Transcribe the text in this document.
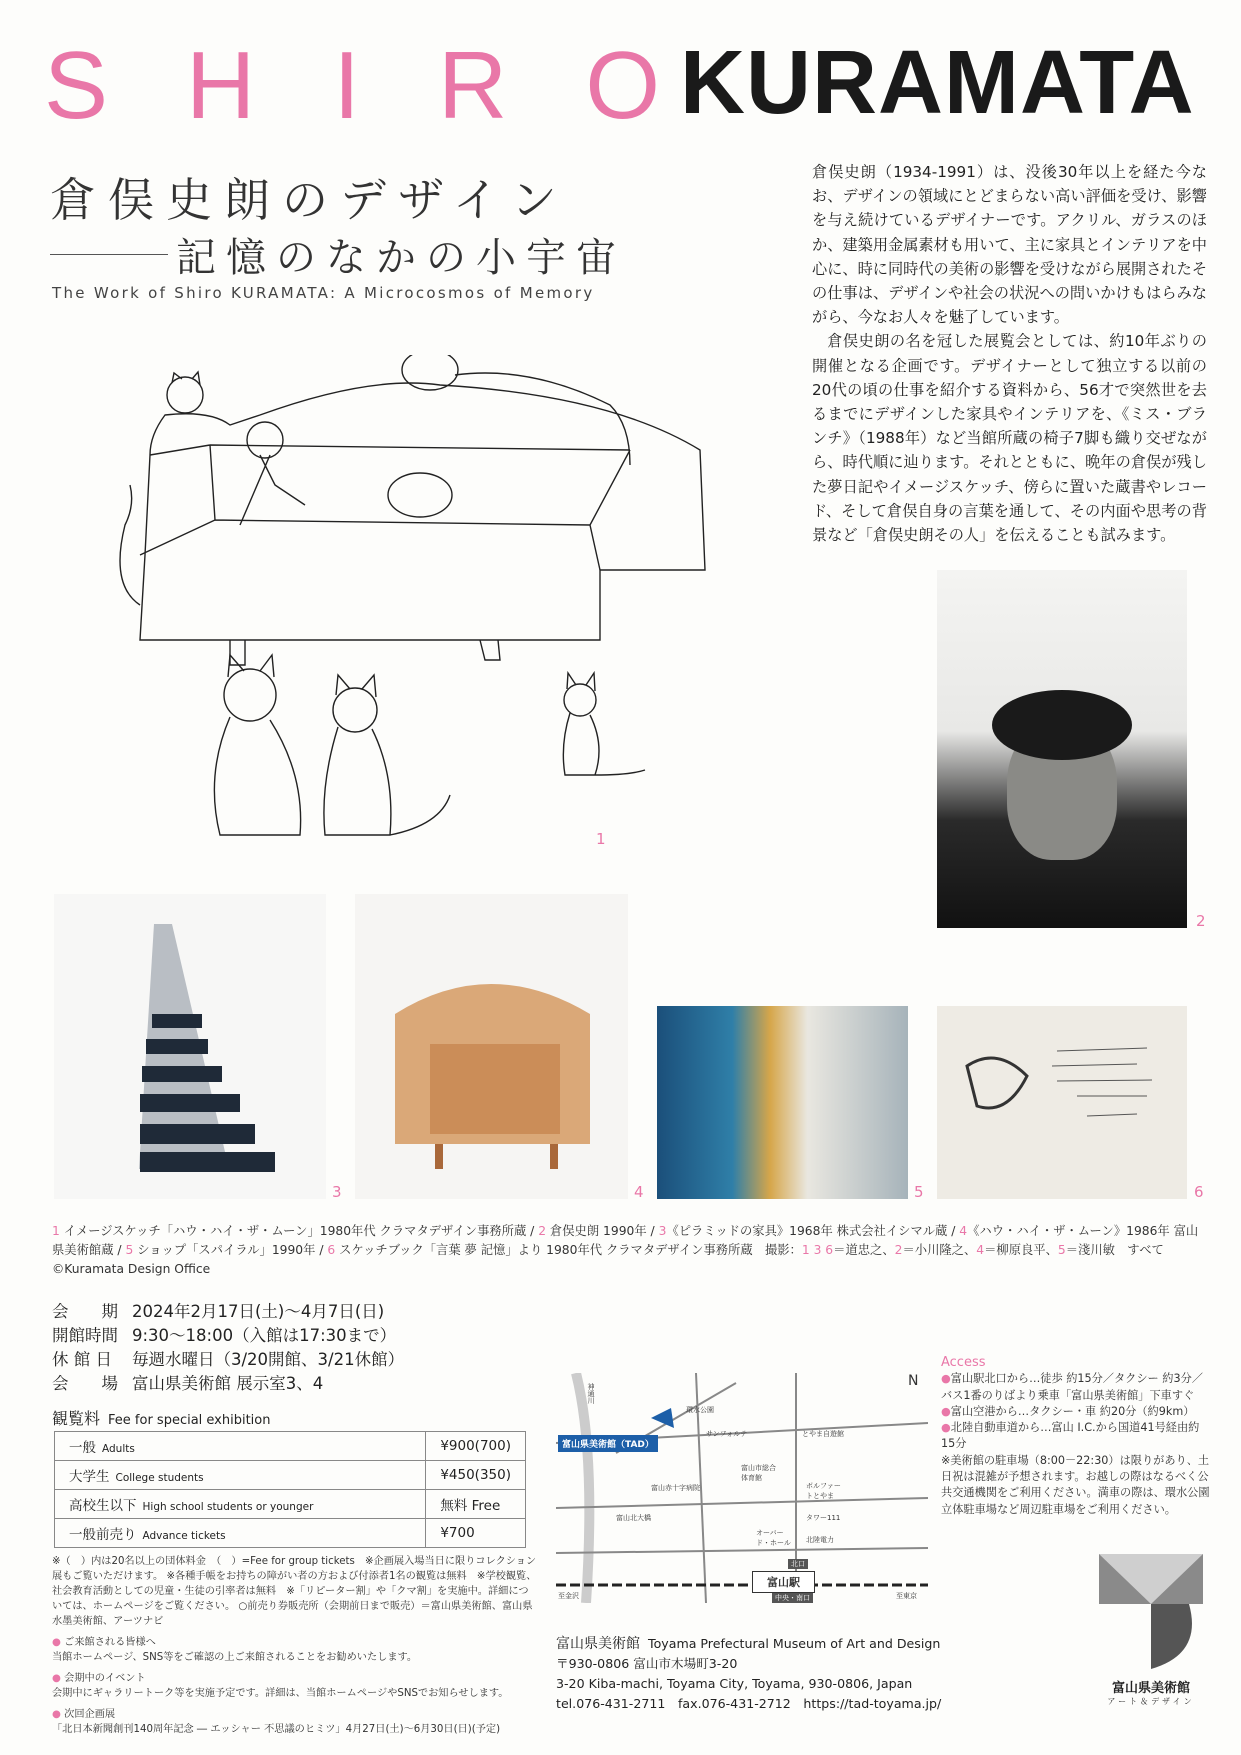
SHIRO
KURAMATA
倉俣史朗のデザイン
記憶のなかの小宇宙
The Work of Shiro KURAMATA: A Microcosmos of Memory

倉俣史朗（1934-1991）は、没後30年以上を経た今なお、デザインの領域にとどまらない高い評価を受け、影響を与え続けているデザイナーです。アクリル、ガラスのほか、建築用金属素材も用いて、主に家具とインテリアを中心に、時に同時代の美術の影響を受けながら展開されたその仕事は、デザインや社会の状況への問いかけもはらみながら、今なお人々を魅了しています。

倉俣史朗の名を冠した展覧会としては、約10年ぶりの開催となる企画です。デザイナーとして独立する以前の20代の頃の仕事を紹介する資料から、56才で突然世を去るまでにデザインした家具やインテリアを、《ミス・ブランチ》（1988年）など当館所蔵の椅子7脚も織り交ぜながら、時代順に辿ります。それとともに、晩年の倉俣が残した夢日記やイメージスケッチ、傍らに置いた蔵書やレコード、そして倉俣自身の言葉を通して、その内面や思考の背景など「倉俣史朗その人」を伝えることも試みます。

1
2
3	4	5	6
1 イメージスケッチ「ハウ・ハイ・ザ・ムーン」1980年代 クラマタデザイン事務所蔵 / 2 倉俣史朗 1990年 / 3《ピラミッドの家具》1968年 株式会社イシマル蔵 / 4《ハウ・ハイ・ザ・ムーン》1986年 富山県美術館蔵 / 5 ショップ「スパイラル」1990年 / 6 スケッチブック「言葉 夢 記憶」より 1980年代 クラマタデザイン事務所蔵　撮影：1 3 6＝道忠之、2＝小川隆之、4＝柳原良平、5＝淺川敏　すべて©Kuramata Design Office
会　　期 2024年2月17日(土)～4月7日(日)
開館時間 9:30～18:00（入館は17:30まで）
休 館 日	毎週水曜日（3/20開館、3/21休館）
会　　場 富山県美術館 展示室3、4
観覧料 Fee for special exhibition
一般 Adults	¥900(700)
大学生 College students	¥450(350)
高校生以下 High school students or younger	無料 Free
一般前売り Advance tickets	¥700
※（　）内は20名以上の団体料金　（　）=Fee for group tickets　※企画展入場当日に限りコレクション展もご覧いただけます。 ※各種手帳をお持ちの障がい者の方および付添者1名の観覧は無料　※学校観覧、社会教育活動としての児童・生徒の引率者は無料　※「リピーター割」や「クマ割」を実施中。詳細については、ホームページをご覧ください。 ○前売り券販売所（会期前日まで販売）＝富山県美術館、富山県水墨美術館、アーツナビ
● ご来館される皆様へ
当館ホームページ、SNS等をご確認の上ご来館されることをお勧めいたします。
● 会期中のイベント
会期中にギャラリートーク等を実施予定です。詳細は、当館ホームページやSNSでお知らせします。
● 次回企画展
「北日本新聞創刊140周年記念 ― エッシャー 不思議のヒミツ」4月27日(土)～6月30日(日)(予定)
富山県美術館（TAD）
富山駅
N
環水公園
サンフォルテ	とやま自遊館
富山市総合体育館
富山赤十字病院	ボルファートとやま
タワー111
オーバード・ホール	北陸電力
北口
中央・南口
富山北大橋
至金沢	至東京
神通川
Access
●富山駅北口から…徒歩 約15分／タクシー 約3分／バス1番のりばより乗車「富山県美術館」下車すぐ
●富山空港から…タクシー・車 約20分（約9km）
●北陸自動車道から…富山 I.C.から国道41号経由約15分
※美術館の駐車場（8:00－22:30）は限りがあり、土日祝は混雑が予想されます。お越しの際はなるべく公共交通機関をご利用ください。満車の際は、環水公園立体駐車場など周辺駐車場をご利用ください。
富山県美術館 Toyama Prefectural Museum of Art and Design
〒930-0806 富山市木場町3-20
3-20 Kiba-machi, Toyama City, Toyama, 930-0806, Japan
tel.076-431-2711　fax.076-431-2712　https://tad-toyama.jp/
富山県美術館
アート＆デザイン
